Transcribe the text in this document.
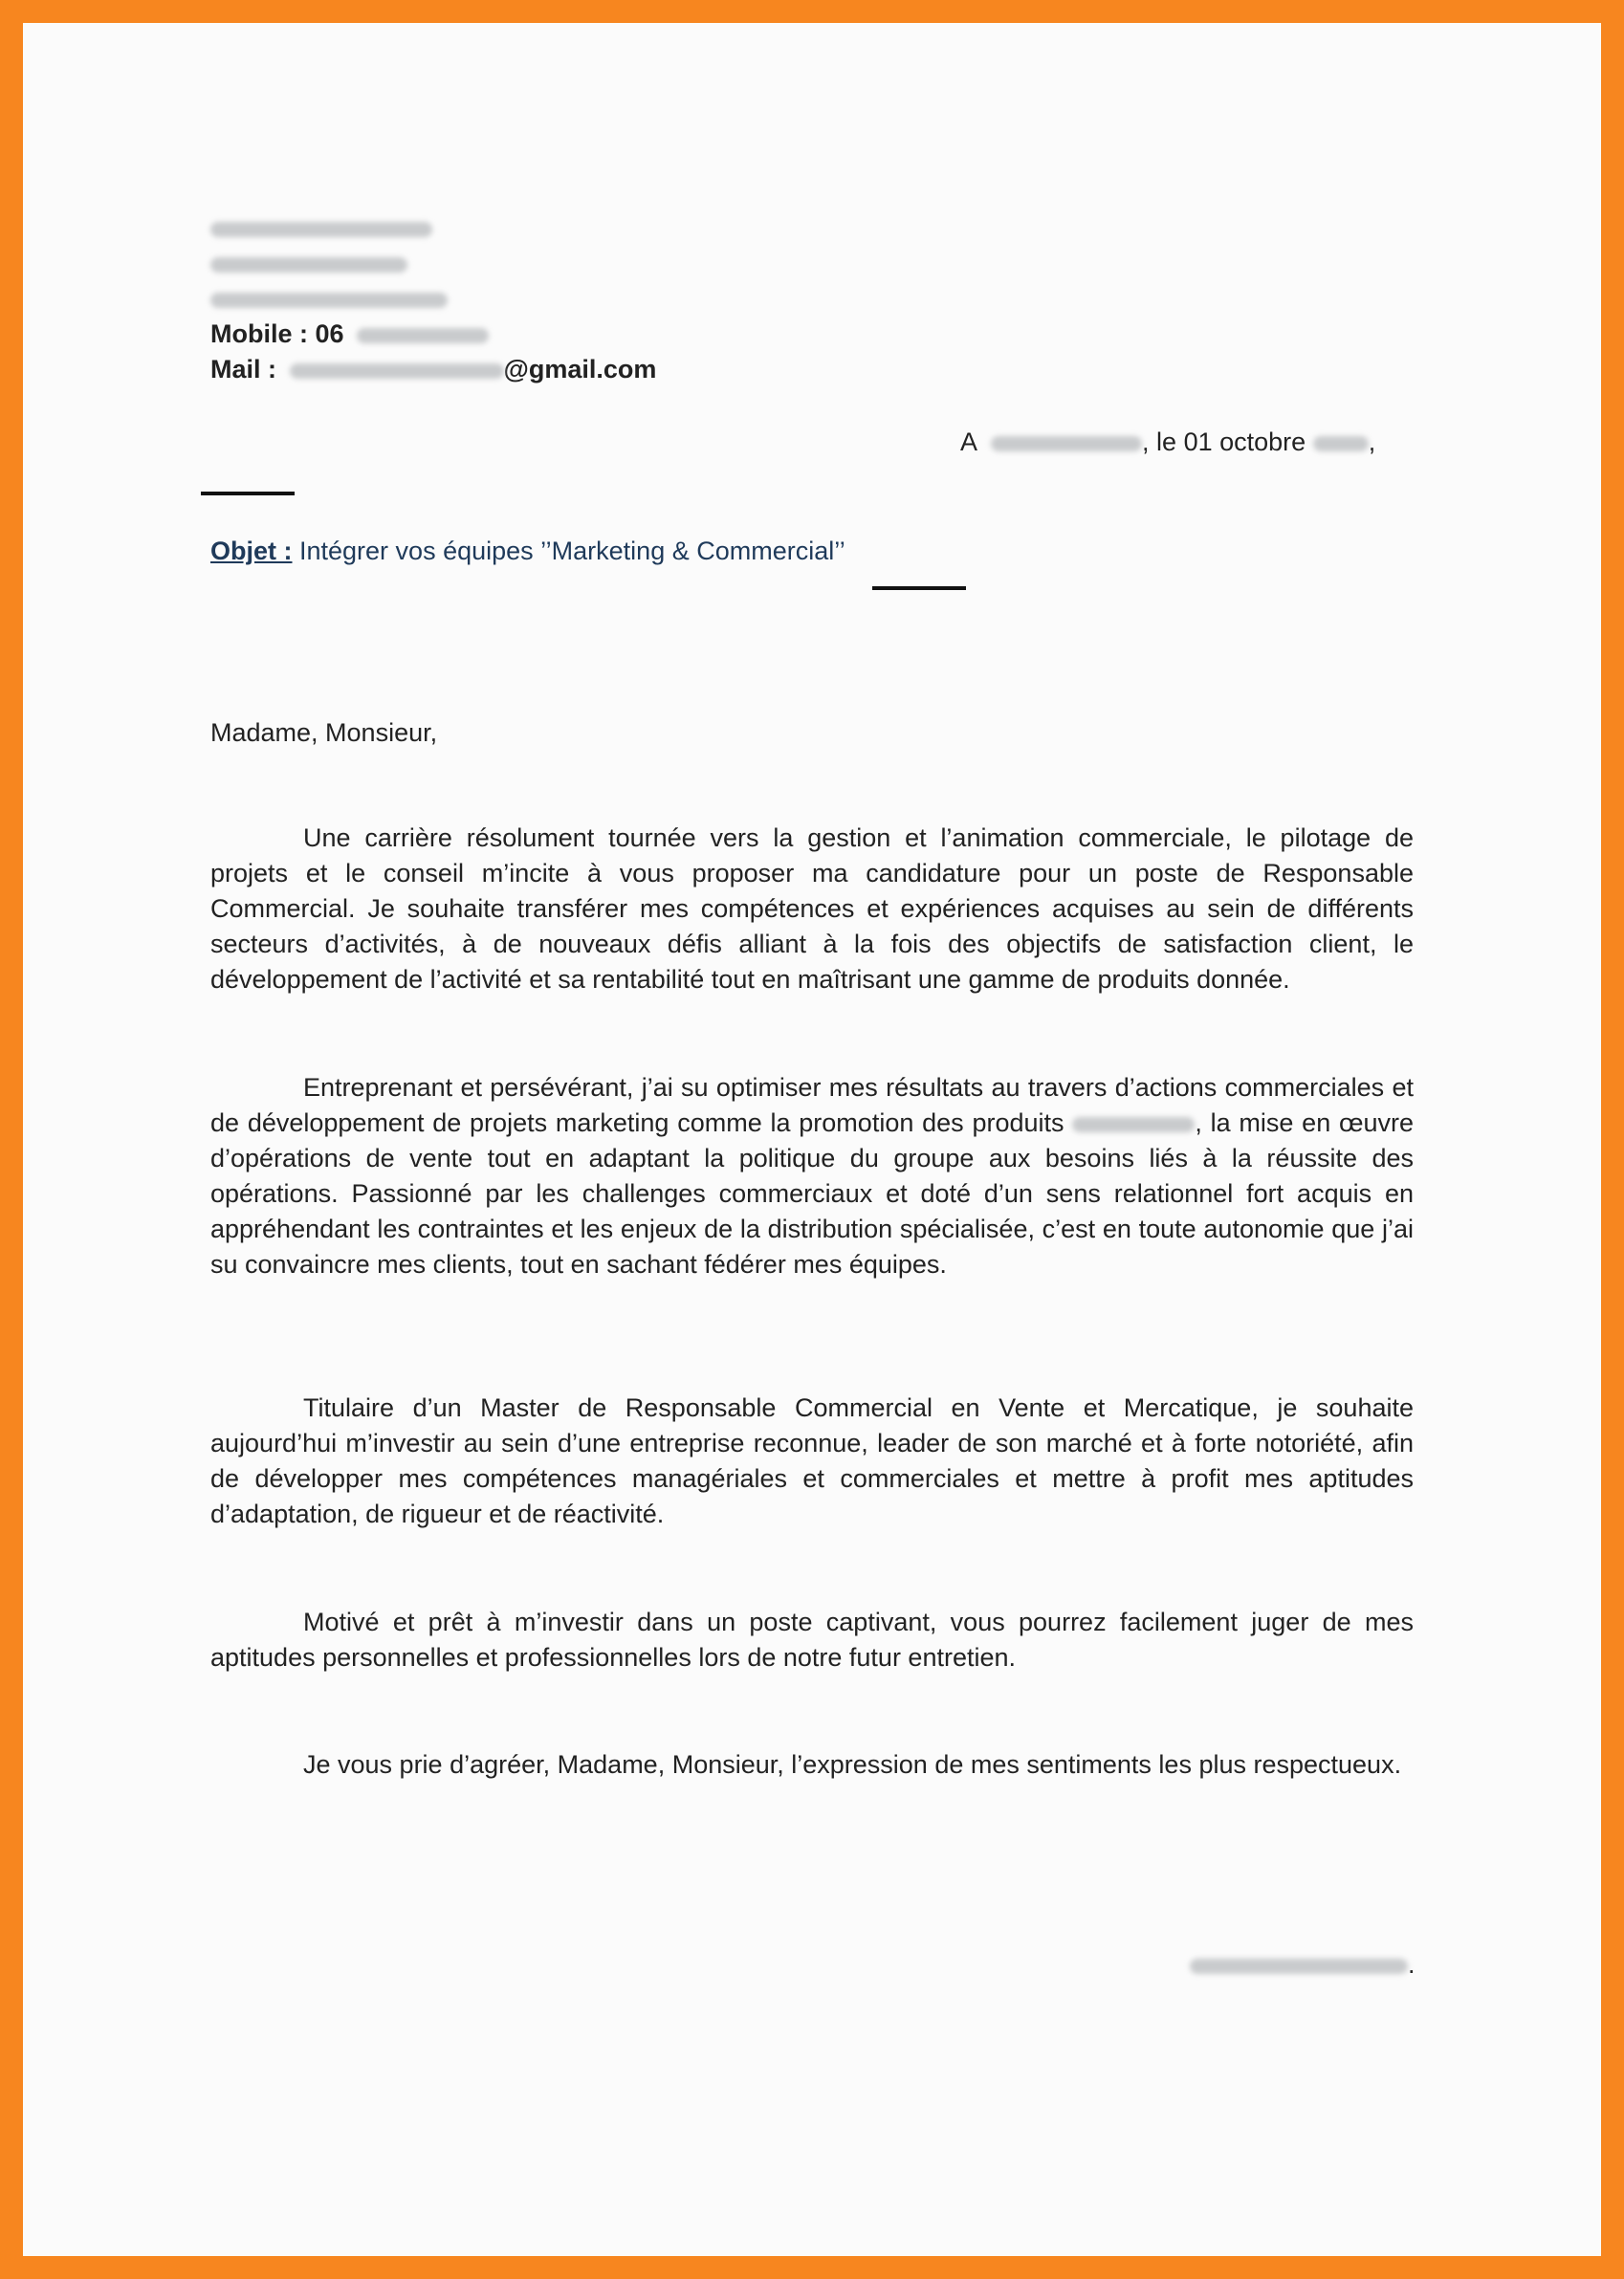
Mobile : 06
Mail :	@gmail.com
A	, le 01 octobre ,
Objet : Intégrer vos équipes ’’Marketing & Commercial’’
Madame, Monsieur,

Une carrière résolument tournée vers la gestion et l’animation commerciale, le pilotage de projets et le conseil m’incite à vous proposer ma candidature pour un poste de Responsable Commercial. Je souhaite transférer mes compétences et expériences acquises au sein de différents secteurs d’activités, à de nouveaux défis alliant à la fois des objectifs de satisfaction client, le développement de l’activité et sa rentabilité tout en maîtrisant une gamme de produits donnée.

Entreprenant et persévérant, j’ai su optimiser mes résultats au travers d’actions commerciales et de développement de projets marketing comme la promotion des produits	, la mise en œuvre d’opérations de vente tout en adaptant la politique du groupe aux besoins liés à la réussite des opérations. Passionné par les challenges commerciaux et doté d’un sens relationnel fort acquis en appréhendant les contraintes et les enjeux de la distribution spécialisée, c’est en toute autonomie que j’ai su convaincre mes clients, tout en sachant fédérer mes équipes.

Titulaire d’un Master de Responsable Commercial en Vente et Mercatique, je souhaite aujourd’hui m’investir au sein d’une entreprise reconnue, leader de son marché et à forte notoriété, afin de développer mes compétences managériales et commerciales et mettre à profit mes aptitudes d’adaptation, de rigueur et de réactivité.

Motivé et prêt à m’investir dans un poste captivant, vous pourrez facilement juger de mes aptitudes personnelles et professionnelles lors de notre futur entretien.

Je vous prie d’agréer, Madame, Monsieur, l’expression de mes sentiments les plus respectueux.

.
